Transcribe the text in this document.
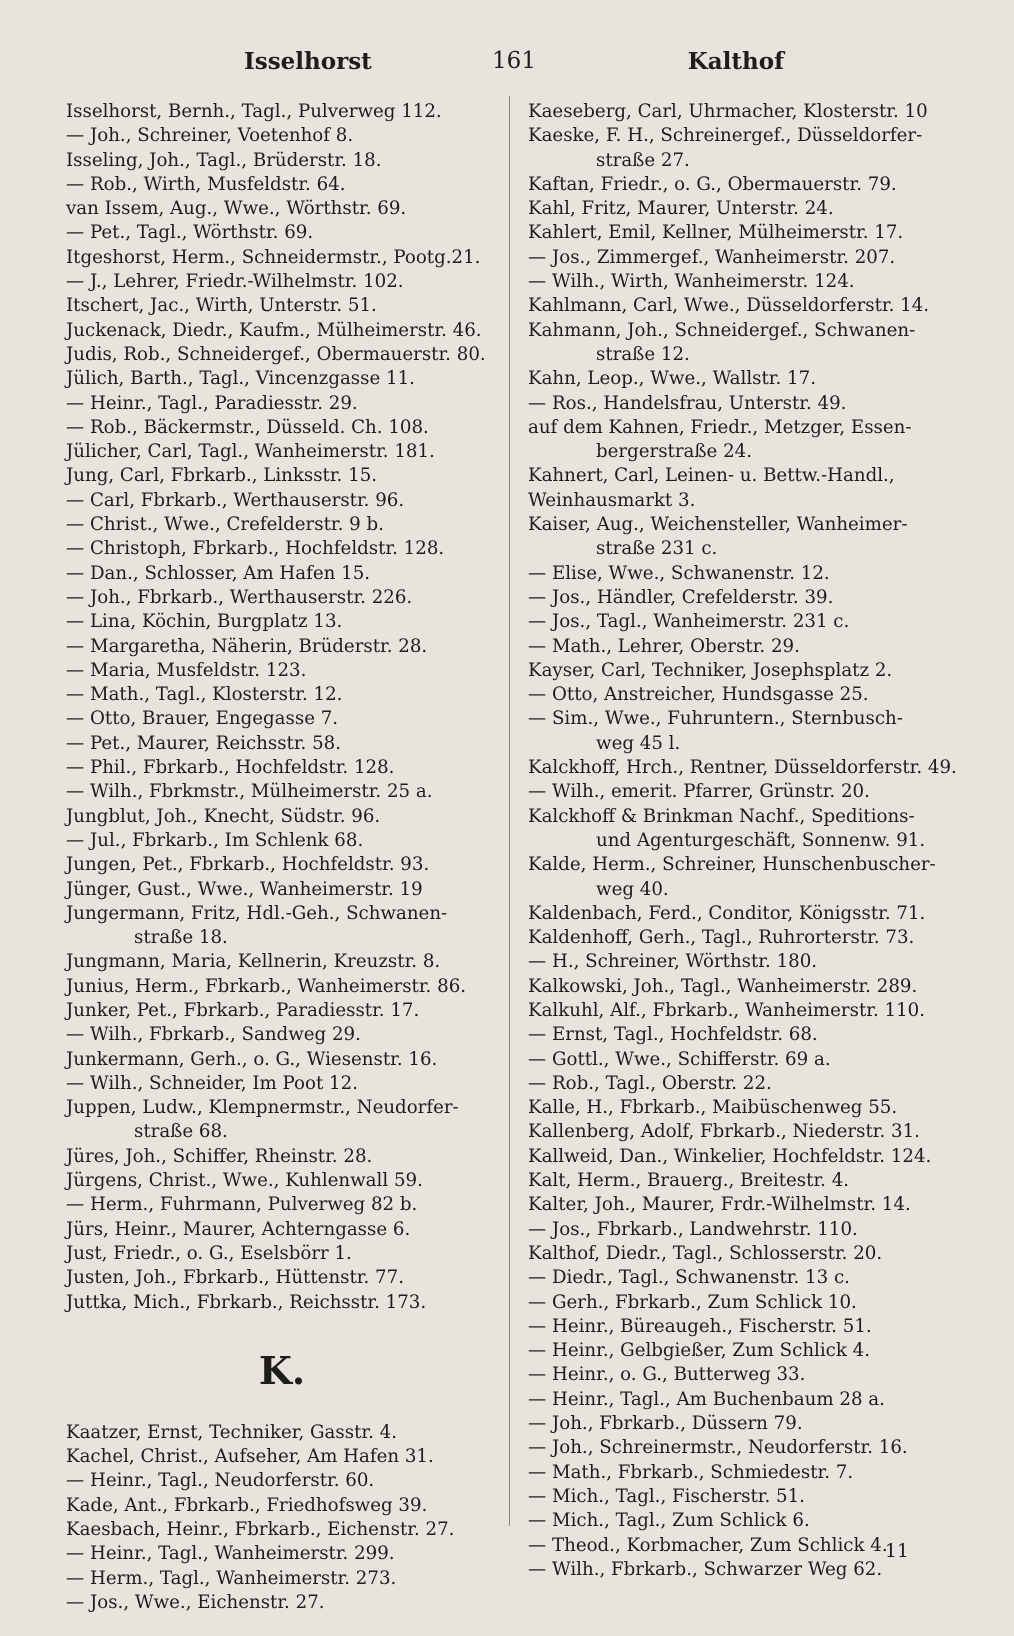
Isselhorst	161	Kalthof
Isselhorst, Bernh., Tagl., Pulverweg 112.
— Joh., Schreiner, Voetenhof 8.
Isseling, Joh., Tagl., Brüderstr. 18.
— Rob., Wirth, Musfeldstr. 64.
van Issem, Aug., Wwe., Wörthstr. 69.
— Pet., Tagl., Wörthstr. 69.
Itgeshorst, Herm., Schneidermstr., Pootg.21.
— J., Lehrer, Friedr.-Wilhelmstr. 102.
Itschert, Jac., Wirth, Unterstr. 51.
Juckenack, Diedr., Kaufm., Mülheimerstr. 46.
Judis, Rob., Schneidergef., Obermauerstr. 80.
Jülich, Barth., Tagl., Vincenzgasse 11.
— Heinr., Tagl., Paradiesstr. 29.
— Rob., Bäckermstr., Düsseld. Ch. 108.
Jülicher, Carl, Tagl., Wanheimerstr. 181.
Jung, Carl, Fbrkarb., Linksstr. 15.
— Carl, Fbrkarb., Werthauserstr. 96.
— Christ., Wwe., Crefelderstr. 9 b.
— Christoph, Fbrkarb., Hochfeldstr. 128.
— Dan., Schlosser, Am Hafen 15.
— Joh., Fbrkarb., Werthauserstr. 226.
— Lina, Köchin, Burgplatz 13.
— Margaretha, Näherin, Brüderstr. 28.
— Maria, Musfeldstr. 123.
— Math., Tagl., Klosterstr. 12.
— Otto, Brauer, Engegasse 7.
— Pet., Maurer, Reichsstr. 58.
— Phil., Fbrkarb., Hochfeldstr. 128.
— Wilh., Fbrkmstr., Mülheimerstr. 25 a.
Jungblut, Joh., Knecht, Südstr. 96.
— Jul., Fbrkarb., Im Schlenk 68.
Jungen, Pet., Fbrkarb., Hochfeldstr. 93.
Jünger, Gust., Wwe., Wanheimerstr. 19
Jungermann, Fritz, Hdl.-Geh., Schwanen-
straße 18.
Jungmann, Maria, Kellnerin, Kreuzstr. 8.
Junius, Herm., Fbrkarb., Wanheimerstr. 86.
Junker, Pet., Fbrkarb., Paradiesstr. 17.
— Wilh., Fbrkarb., Sandweg 29.
Junkermann, Gerh., o. G., Wiesenstr. 16.
— Wilh., Schneider, Im Poot 12.
Juppen, Ludw., Klempnermstr., Neudorfer-
straße 68.
Jüres, Joh., Schiffer, Rheinstr. 28.
Jürgens, Christ., Wwe., Kuhlenwall 59.
— Herm., Fuhrmann, Pulverweg 82 b.
Jürs, Heinr., Maurer, Achterngasse 6.
Just, Friedr., o. G., Eselsbörr 1.
Justen, Joh., Fbrkarb., Hüttenstr. 77.
Juttka, Mich., Fbrkarb., Reichsstr. 173.
K.
Kaatzer, Ernst, Techniker, Gasstr. 4.
Kachel, Christ., Aufseher, Am Hafen 31.
— Heinr., Tagl., Neudorferstr. 60.
Kade, Ant., Fbrkarb., Friedhofsweg 39.
Kaesbach, Heinr., Fbrkarb., Eichenstr. 27.
— Heinr., Tagl., Wanheimerstr. 299.
— Herm., Tagl., Wanheimerstr. 273.
— Jos., Wwe., Eichenstr. 27.
Kaeseberg, Carl, Uhrmacher, Klosterstr. 10
Kaeske, F. H., Schreinergef., Düsseldorfer-
straße 27.
Kaftan, Friedr., o. G., Obermauerstr. 79.
Kahl, Fritz, Maurer, Unterstr. 24.
Kahlert, Emil, Kellner, Mülheimerstr. 17.
— Jos., Zimmergef., Wanheimerstr. 207.
— Wilh., Wirth, Wanheimerstr. 124.
Kahlmann, Carl, Wwe., Düsseldorferstr. 14.
Kahmann, Joh., Schneidergef., Schwanen-
straße 12.
Kahn, Leop., Wwe., Wallstr. 17.
— Ros., Handelsfrau, Unterstr. 49.
auf dem Kahnen, Friedr., Metzger, Essen-
bergerstraße 24.
Kahnert, Carl, Leinen- u. Bettw.-Handl.,
Weinhausmarkt 3.
Kaiser, Aug., Weichensteller, Wanheimer-
straße 231 c.
— Elise, Wwe., Schwanenstr. 12.
— Jos., Händler, Crefelderstr. 39.
— Jos., Tagl., Wanheimerstr. 231 c.
— Math., Lehrer, Oberstr. 29.
Kayser, Carl, Techniker, Josephsplatz 2.
— Otto, Anstreicher, Hundsgasse 25.
— Sim., Wwe., Fuhruntern., Sternbusch-
weg 45 l.
Kalckhoff, Hrch., Rentner, Düsseldorferstr. 49.
— Wilh., emerit. Pfarrer, Grünstr. 20.
Kalckhoff & Brinkman Nachf., Speditions-
und Agenturgeschäft, Sonnenw. 91.
Kalde, Herm., Schreiner, Hunschenbuscher-
weg 40.
Kaldenbach, Ferd., Conditor, Königsstr. 71.
Kaldenhoff, Gerh., Tagl., Ruhrorterstr. 73.
— H., Schreiner, Wörthstr. 180.
Kalkowski, Joh., Tagl., Wanheimerstr. 289.
Kalkuhl, Alf., Fbrkarb., Wanheimerstr. 110.
— Ernst, Tagl., Hochfeldstr. 68.
— Gottl., Wwe., Schifferstr. 69 a.
— Rob., Tagl., Oberstr. 22.
Kalle, H., Fbrkarb., Maibüschenweg 55.
Kallenberg, Adolf, Fbrkarb., Niederstr. 31.
Kallweid, Dan., Winkelier, Hochfeldstr. 124.
Kalt, Herm., Brauerg., Breitestr. 4.
Kalter, Joh., Maurer, Frdr.-Wilhelmstr. 14.
— Jos., Fbrkarb., Landwehrstr. 110.
Kalthof, Diedr., Tagl., Schlosserstr. 20.
— Diedr., Tagl., Schwanenstr. 13 c.
— Gerh., Fbrkarb., Zum Schlick 10.
— Heinr., Büreaugeh., Fischerstr. 51.
— Heinr., Gelbgießer, Zum Schlick 4.
— Heinr., o. G., Butterweg 33.
— Heinr., Tagl., Am Buchenbaum 28 a.
— Joh., Fbrkarb., Düssern 79.
— Joh., Schreinermstr., Neudorferstr. 16.
— Math., Fbrkarb., Schmiedestr. 7.
— Mich., Tagl., Fischerstr. 51.
— Mich., Tagl., Zum Schlick 6.
— Theod., Korbmacher, Zum Schlick 4.
— Wilh., Fbrkarb., Schwarzer Weg 62.
11
